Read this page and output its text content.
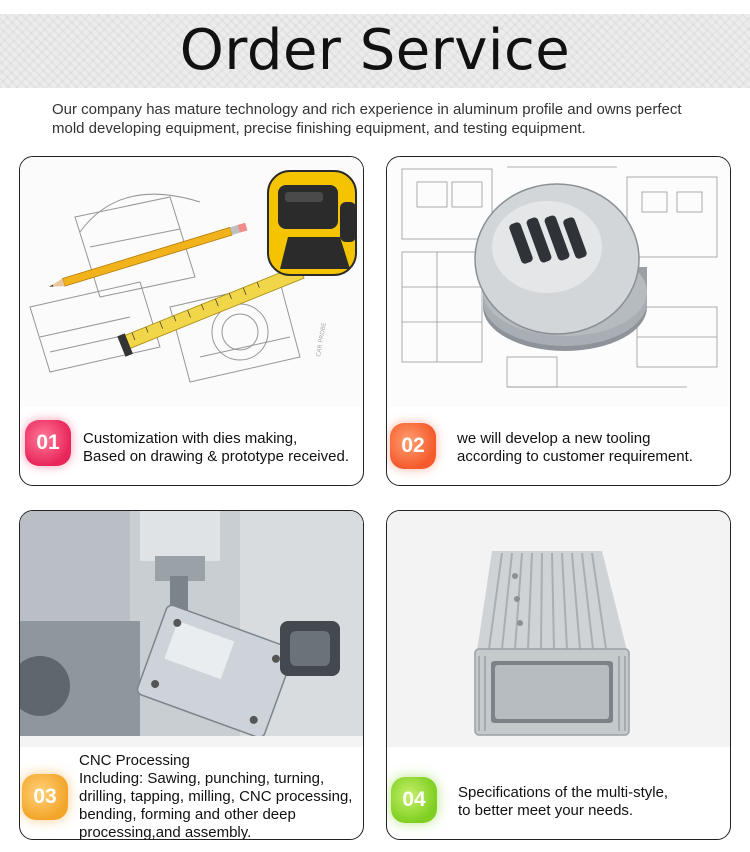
Order Service
Our company has mature technology and rich experience in aluminum profile and owns perfect
mold developing equipment, precise finishing equipment, and testing equipment.
CAR PROBE
01	Customization with dies making,
Based on drawing & prototype received.	02	we will develop a new tooling
according to customer requirement.
03
CNC Processing
Including: Sawing, punching, turning,
drilling, tapping, milling, CNC processing,
bending, forming and other deep
processing,and assembly.
04	Specifications of the multi-style,
to better meet your needs.
